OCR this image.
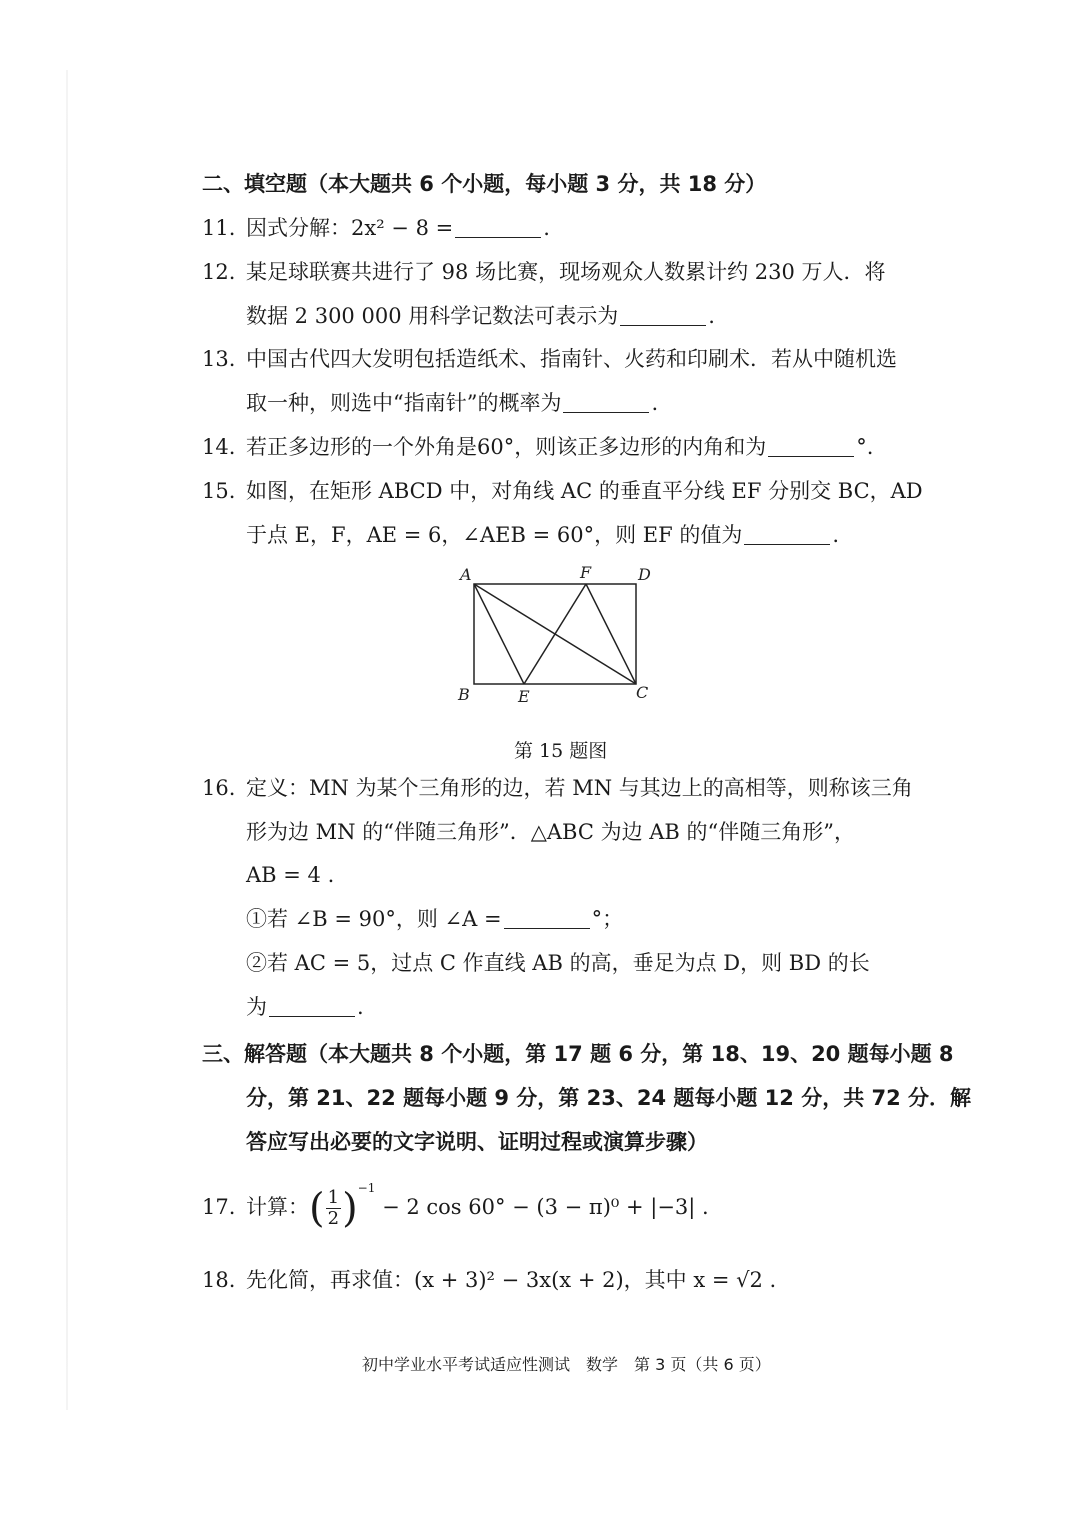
二、填空题（本大题共 6 个小题，每小题 3 分，共 18 分）
11. 因式分解：2x² − 8 =	.
12. 某足球联赛共进行了 98 场比赛，现场观众人数累计约 230 万人．将
数据 2 300 000 用科学记数法可表示为	.
13. 中国古代四大发明包括造纸术、指南针、火药和印刷术．若从中随机选
取一种，则选中“指南针”的概率为	.
14. 若正多边形的一个外角是60°，则该正多边形的内角和为	°.
15. 如图，在矩形 ABCD 中，对角线 AC 的垂直平分线 EF 分别交 BC，AD
于点 E，F，AE = 6，∠AEB = 60°，则 EF 的值为	.
A	F	D
B	E	C
第 15 题图
16. 定义：MN 为某个三角形的边，若 MN 与其边上的高相等，则称该三角
形为边 MN 的“伴随三角形”．△ABC 为边 AB 的“伴随三角形”，
AB = 4 .
①若 ∠B = 90°，则 ∠A =	°；
②若 AC = 5，过点 C 作直线 AB 的高，垂足为点 D，则 BD 的长
为	.
三、解答题（本大题共 8 个小题，第 17 题 6 分，第 18、19、20 题每小题 8
分，第 21、22 题每小题 9 分，第 23、24 题每小题 12 分，共 72 分．解
答应写出必要的文字说明、证明过程或演算步骤）
17. 计算：( $\frac{1}{2} )^{-1} - 2$ cos 60° − (3 − π)⁰ + |−3| .
18. 先化简，再求值：(x + 3)² − 3x(x + 2)，其中 x = √2 .
初中学业水平考试适应性测试　数学　第 3 页（共 6 页）
